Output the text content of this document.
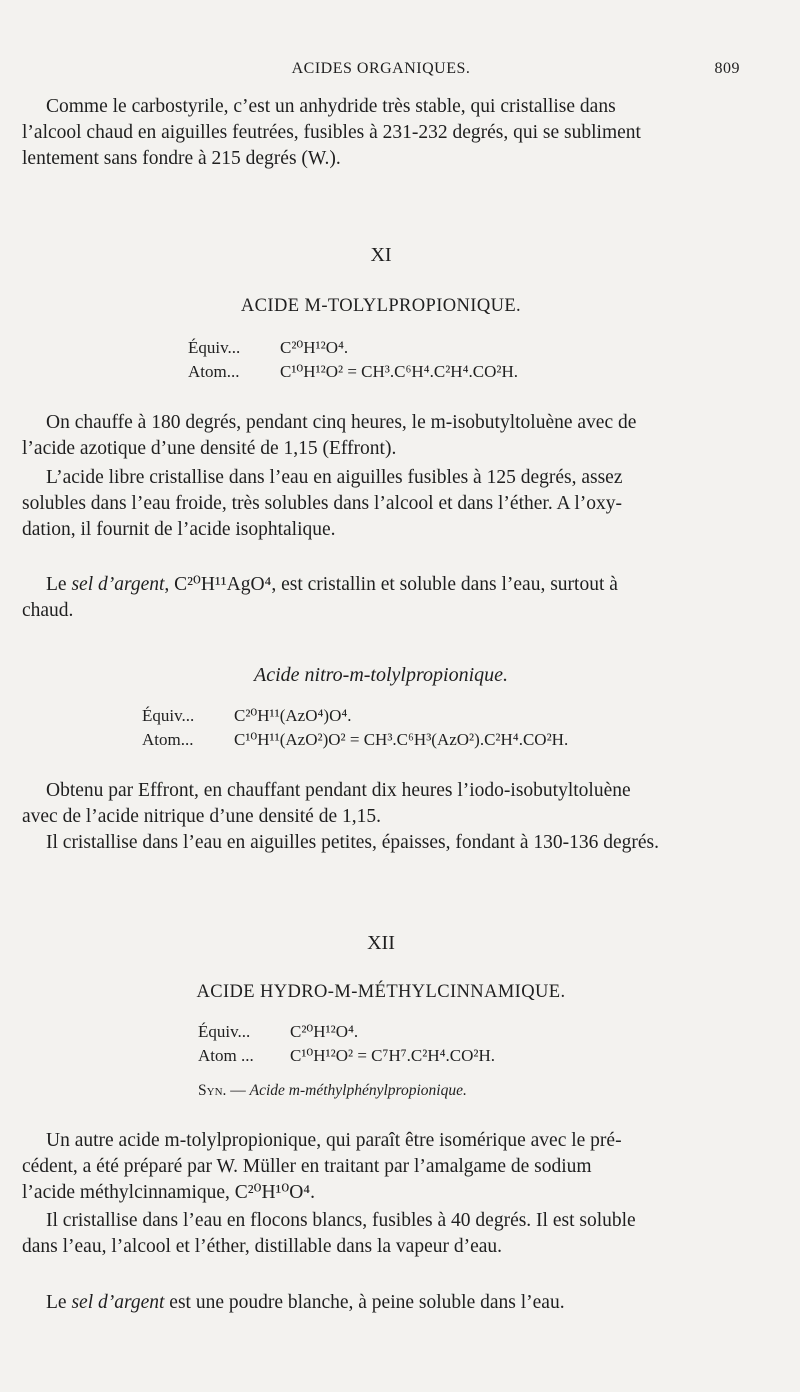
ACIDES ORGANIQUES.	809
Comme le carbostyrile, c’est un anhydride très stable, qui cristallise dans
l’alcool chaud en aiguilles feutrées, fusibles à 231-232 degrés, qui se subliment
lentement sans fondre à 215 degrés (W.).
XI
ACIDE M-TOLYLPROPIONIQUE.
Équiv... C²⁰H¹²O⁴.
Atom... C¹⁰H¹²O² = CH³.C⁶H⁴.C²H⁴.CO²H.
On chauffe à 180 degrés, pendant cinq heures, le m-isobutyltoluène avec de
l’acide azotique d’une densité de 1,15 (Effront).
L’acide libre cristallise dans l’eau en aiguilles fusibles à 125 degrés, assez
solubles dans l’eau froide, très solubles dans l’alcool et dans l’éther. A l’oxy-
dation, il fournit de l’acide isophtalique.
Le sel d’argent, C²⁰H¹¹AgO⁴, est cristallin et soluble dans l’eau, surtout à
chaud.
Acide nitro-m-tolylpropionique.
Équiv... C²⁰H¹¹(AzO⁴)O⁴.
Atom... C¹⁰H¹¹(AzO²)O² = CH³.C⁶H³(AzO²).C²H⁴.CO²H.
Obtenu par Effront, en chauffant pendant dix heures l’iodo-isobutyltoluène
avec de l’acide nitrique d’une densité de 1,15.
Il cristallise dans l’eau en aiguilles petites, épaisses, fondant à 130-136 degrés.
XII
ACIDE HYDRO-M-MÉTHYLCINNAMIQUE.
Équiv... C²⁰H¹²O⁴.
Atom ... C¹⁰H¹²O² = C⁷H⁷.C²H⁴.CO²H.
Syn. — Acide m-méthylphénylpropionique.
Un autre acide m-tolylpropionique, qui paraît être isomérique avec le pré-
cédent, a été préparé par W. Müller en traitant par l’amalgame de sodium
l’acide méthylcinnamique, C²⁰H¹⁰O⁴.
Il cristallise dans l’eau en flocons blancs, fusibles à 40 degrés. Il est soluble
dans l’eau, l’alcool et l’éther, distillable dans la vapeur d’eau.
Le sel d’argent est une poudre blanche, à peine soluble dans l’eau.
